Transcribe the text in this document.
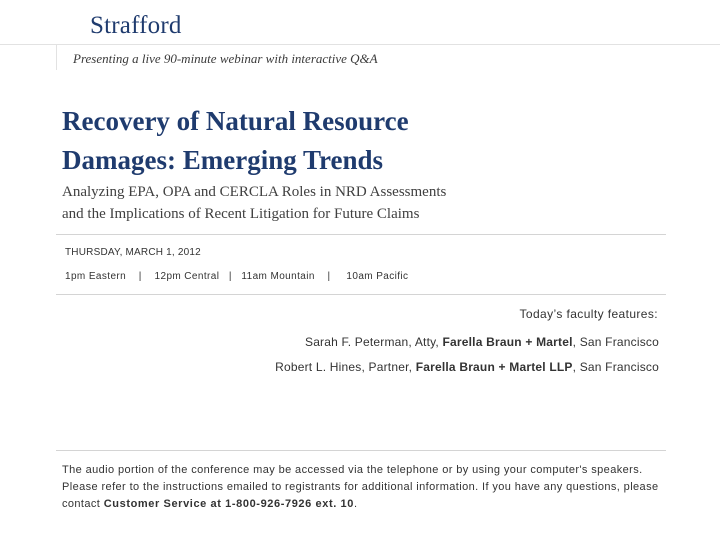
Strafford
Presenting a live 90-minute webinar with interactive Q&A
Recovery of Natural Resource
Damages: Emerging Trends
Analyzing EPA, OPA and CERCLA Roles in NRD Assessments
and the Implications of Recent Litigation for Future Claims
THURSDAY, MARCH 1, 2012
1pm Eastern    |    12pm Central   |   11am Mountain    |     10am Pacific
Today’s faculty features:
Sarah F. Peterman, Atty, Farella Braun + Martel, San Francisco
Robert L. Hines, Partner, Farella Braun + Martel LLP, San Francisco
The audio portion of the conference may be accessed via the telephone or by using your computer's speakers. Please refer to the instructions emailed to registrants for additional information. If you have any questions, please contact Customer Service at 1-800-926-7926 ext. 10.
